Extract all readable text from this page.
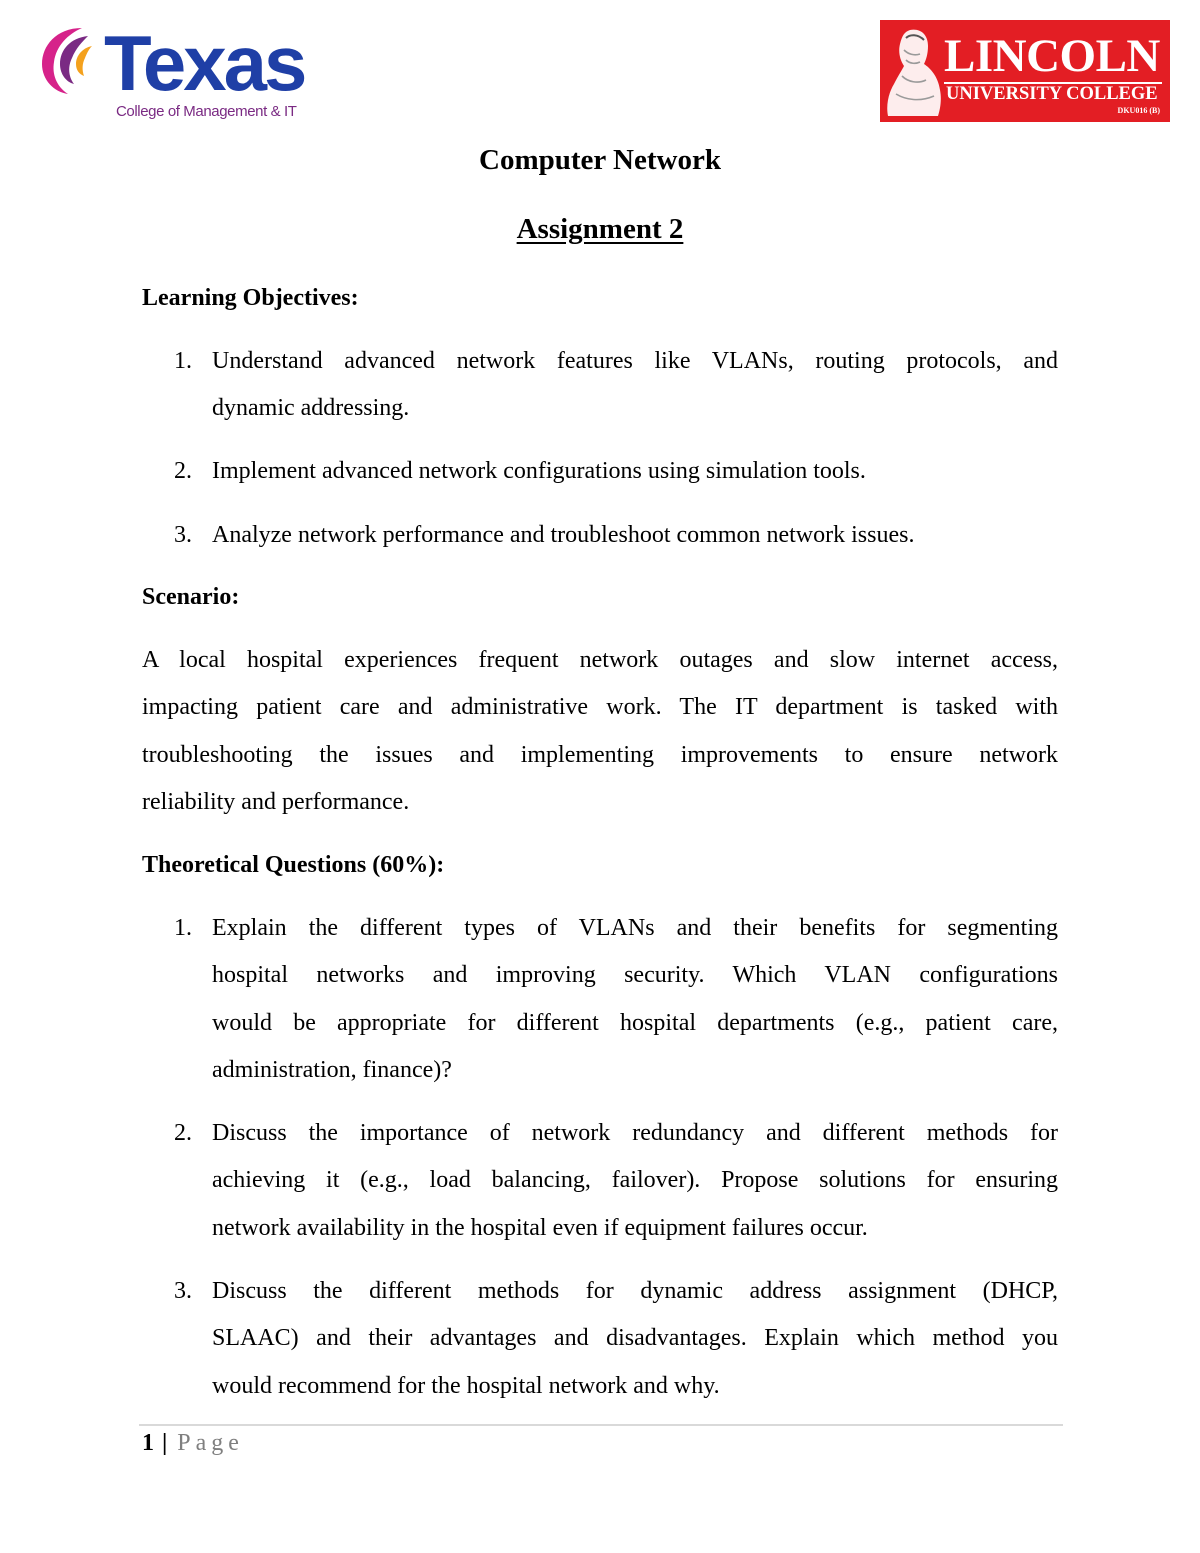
Texas
College of Management & IT
LINCOLN
UNIVERSITY COLLEGE
DKU016 (B)
Computer Network
Assignment 2
Learning Objectives:
1. Understand advanced network features like VLANs, routing protocols, and
dynamic addressing.
2. Implement advanced network configurations using simulation tools.
3. Analyze network performance and troubleshoot common network issues.
Scenario:
A local hospital experiences frequent network outages and slow internet access,
impacting patient care and administrative work. The IT department is tasked with
troubleshooting the issues and implementing improvements to ensure network
reliability and performance.
Theoretical Questions (60%):
1. Explain the different types of VLANs and their benefits for segmenting
hospital networks and improving security. Which VLAN configurations
would be appropriate for different hospital departments (e.g., patient care,
administration, finance)?
2. Discuss the importance of network redundancy and different methods for
achieving it (e.g., load balancing, failover). Propose solutions for ensuring
network availability in the hospital even if equipment failures occur.
3. Discuss the different methods for dynamic address assignment (DHCP,
SLAAC) and their advantages and disadvantages. Explain which method you
would recommend for the hospital network and why.
1 | Page
